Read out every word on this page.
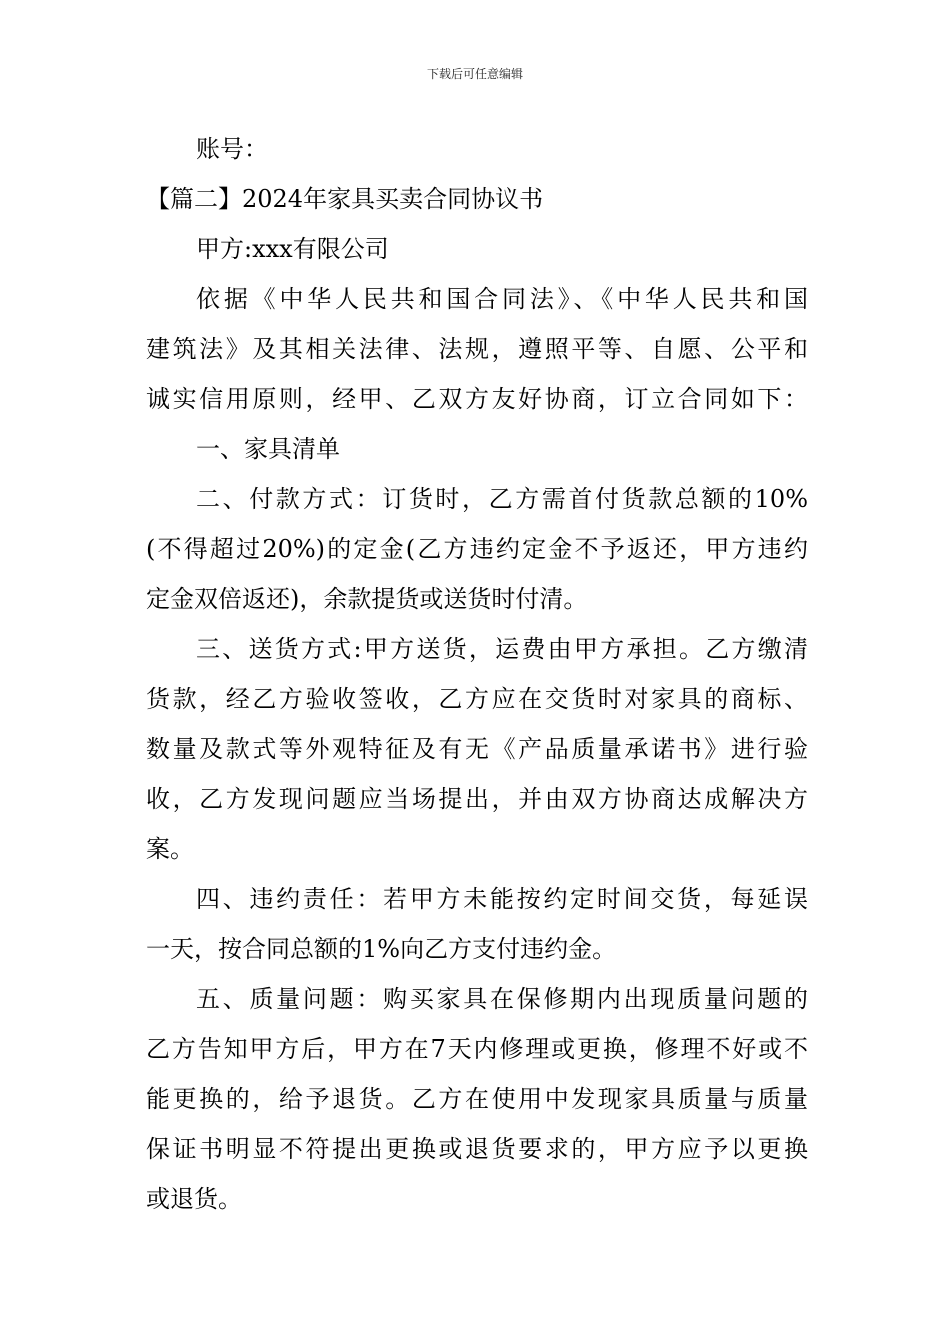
下载后可任意编辑
账号：
【篇二】2024年家具买卖合同协议书
甲方:xxx有限公司
依据《中华人民共和国合同法》、《中华人民共和国
建筑法》及其相关法律、法规，遵照平等、自愿、公平和
诚实信用原则，经甲、乙双方友好协商，订立合同如下：
一、家具清单
二、付款方式：订货时，乙方需首付货款总额的10%
(不得超过20%)的定金(乙方违约定金不予返还，甲方违约
定金双倍返还)，余款提货或送货时付清。
三、送货方式:甲方送货，运费由甲方承担。乙方缴清
货款，经乙方验收签收，乙方应在交货时对家具的商标、
数量及款式等外观特征及有无《产品质量承诺书》进行验
收，乙方发现问题应当场提出，并由双方协商达成解决方
案。
四、违约责任：若甲方未能按约定时间交货，每延误
一天，按合同总额的1%向乙方支付违约金。
五、质量问题：购买家具在保修期内出现质量问题的
乙方告知甲方后，甲方在7天内修理或更换，修理不好或不
能更换的，给予退货。乙方在使用中发现家具质量与质量
保证书明显不符提出更换或退货要求的，甲方应予以更换
或退货。
